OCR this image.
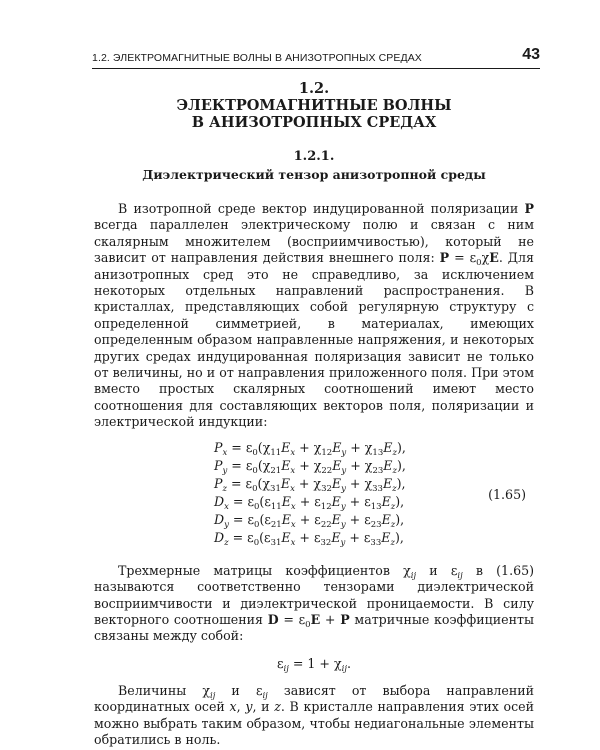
1.2. ЭЛЕКТРОМАГНИТНЫЕ ВОЛНЫ В АНИЗОТРОПНЫХ СРЕДАХ	43

1.2.

ЭЛЕКТРОМАГНИТНЫЕ ВОЛНЫ

В АНИЗОТРОПНЫХ СРЕДАХ

1.2.1.

Диэлектрический тензор анизотропной среды

В изотропной среде вектор индуцированной поляризации P всегда параллелен электрическому полю и связан с ним скалярным множителем (восприимчивостью), который не зависит от направления действия внешнего поля: $P = \varepsilon_0\chi E$. Для анизотропных сред это не справедливо, за исключением некоторых отдельных направлений распространения. В кристаллах, представляющих собой регулярную структуру с определенной симметрией, в материалах, имеющих определенным образом направленные напряжения, и некоторых других средах индуцированная поляризация зависит не только от величины, но и от направления приложенного поля. При этом вместо простых скалярных соотношений имеют место соотношения для составляющих векторов поля, поляризации и электрической индукции:

$P_x = \varepsilon_0(\chi_{11}E_x + \chi_{12}E_y + \chi_{13}E_z)$,
$P_y = \varepsilon_0(\chi_{21}E_x + \chi_{22}E_y + \chi_{23}E_z)$,
$P_z = \varepsilon_0(\chi_{31}E_x + \chi_{32}E_y + \chi_{33}E_z)$,
$D_x = \varepsilon_0(\varepsilon_{11}E_x + \varepsilon_{12}E_y + \varepsilon_{13}E_z)$,
$D_y = \varepsilon_0(\varepsilon_{21}E_x + \varepsilon_{22}E_y + \varepsilon_{23}E_z)$,
$D_z = \varepsilon_0(\varepsilon_{31}E_x + \varepsilon_{32}E_y + \varepsilon_{33}E_z)$,
(1.65)

Трехмерные матрицы коэффициентов $\chi_{ij}$ и $\varepsilon_{ij}$ в (1.65) называются соответственно тензорами диэлектрической восприимчивости и диэлектрической проницаемости. В силу векторного соотношения $D = \varepsilon_0E + P$ матричные коэффициенты связаны между собой:

$\varepsilon_{ij} = 1 + \chi_{ij}$.

Величины $\chi_{ij}$ и $\varepsilon_{ij}$ зависят от выбора направлений координатных осей x, y, и z. В кристалле направления этих осей можно выбрать таким образом, чтобы недиагональные элементы обратились в ноль.
